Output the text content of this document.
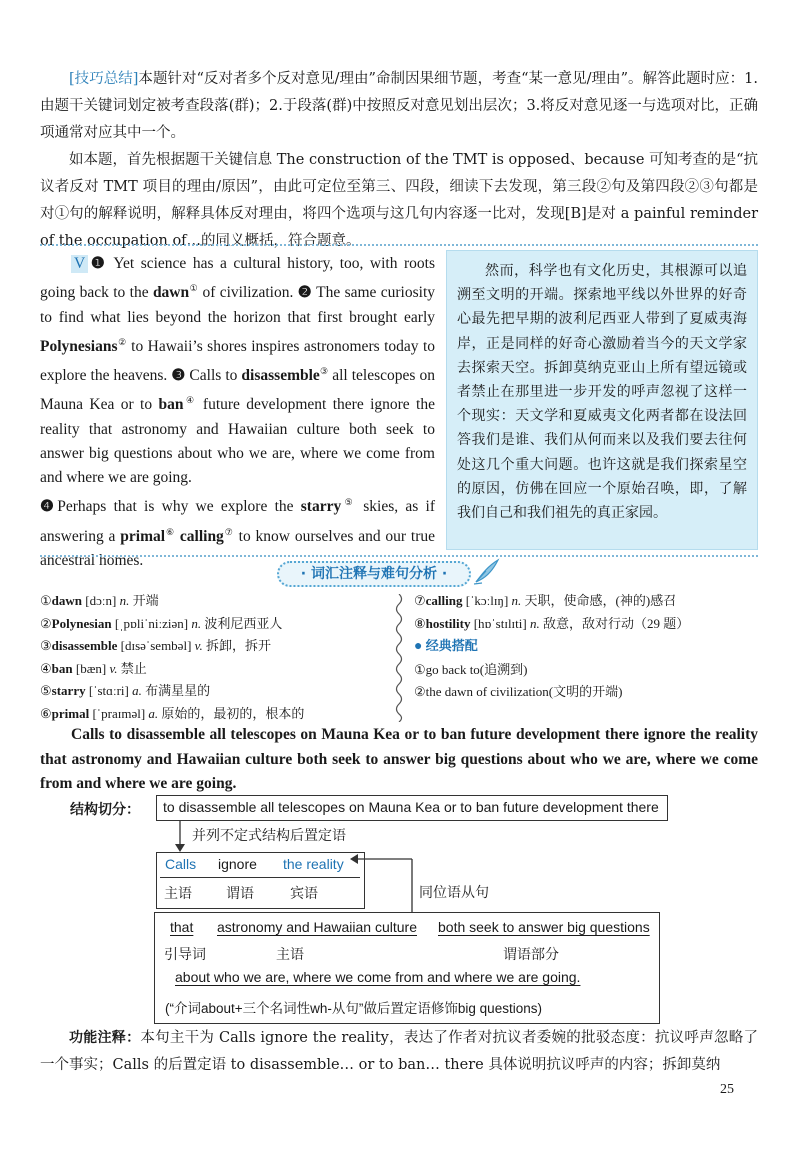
[技巧总结]本题针对“反对者多个反对意见/理由”命制因果细节题，考查“某一意见/理由”。解答此题时应：1.由题干关键词划定被考查段落(群)；2.于段落(群)中按照反对意见划出层次；3.将反对意见逐一与选项对比，正确项通常对应其中一个。
如本题，首先根据题干关键信息 The construction of the TMT is opposed、because 可知考查的是“抗议者反对 TMT 项目的理由/原因”，由此可定位至第三、四段，细读下去发现，第三段②句及第四段②③句都是对①句的解释说明，解释具体反对理由，将四个选项与这几句内容逐一比对，发现[B]是对 a painful reminder of the occupation of…的同义概括，符合题意。
V ❶ Yet science has a cultural history, too, with roots going back to the dawn① of civilization. ❷ The same curiosity to find what lies beyond the horizon that first brought early Polynesians② to Hawaii’s shores inspires astronomers today to explore the heavens. ❸ Calls to disassemble③ all telescopes on Mauna Kea or to ban④ future development there ignore the reality that astronomy and Hawaiian culture both seek to answer big questions about who we are, where we come from and where we are going.
❹Perhaps that is why we explore the starry⑤ skies, as if answering a primal⑥ calling⑦ to know ourselves and our true ancestral homes.

然而，科学也有文化历史，其根源可以追溯至文明的开端。探索地平线以外世界的好奇心最先把早期的波利尼西亚人带到了夏威夷海岸，正是同样的好奇心激励着当今的天文学家去探索天空。拆卸莫纳克亚山上所有望远镜或者禁止在那里进一步开发的呼声忽视了这样一个现实：天文学和夏威夷文化两者都在设法回答我们是谁、我们从何而来以及我们要去往何处这几个重大问题。也许这就是我们探索星空的原因，仿佛在回应一个原始召唤，即，了解我们自己和我们祖先的真正家园。

· 词汇注释与难句分析 ·
①dawn [dɔːn] n. 开端
②Polynesian [ˌpɒliˈniːziən] n. 波利尼西亚人
③disassemble [dɪsəˈsembəl] v. 拆卸，拆开
④ban [bæn] v. 禁止
⑤starry [ˈstɑːri] a. 布满星星的
⑥primal [ˈpraɪməl] a. 原始的，最初的，根本的
⑦calling [ˈkɔːlɪŋ] n. 天职，使命感，(神的)感召
⑧hostility [hɒˈstɪlɪti] n. 敌意，敌对行动（29 题）
● 经典搭配
①go back to(追溯到)
②the dawn of civilization(文明的开端)
Calls to disassemble all telescopes on Mauna Kea or to ban future development there ignore the reality that astronomy and Hawaiian culture both seek to answer big questions about who we are, where we come from and where we are going.
结构切分： to disassemble all telescopes on Mauna Kea or to ban future development there
并列不定式结构后置定语
Calls ignore the reality
主语 谓语	宾语	同位语从句
that astronomy and Hawaiian culture both seek to answer big questions
引导词	主语	谓语部分
about who we are, where we come from and where we are going.
(“介词about+三个名词性wh-从句”做后置定语修饰big questions)
功能注释：本句主干为 Calls ignore the reality，表达了作者对抗议者委婉的批驳态度：抗议呼声忽略了一个事实；Calls 的后置定语 to disassemble… or to ban… there 具体说明抗议呼声的内容；拆卸莫纳
25
